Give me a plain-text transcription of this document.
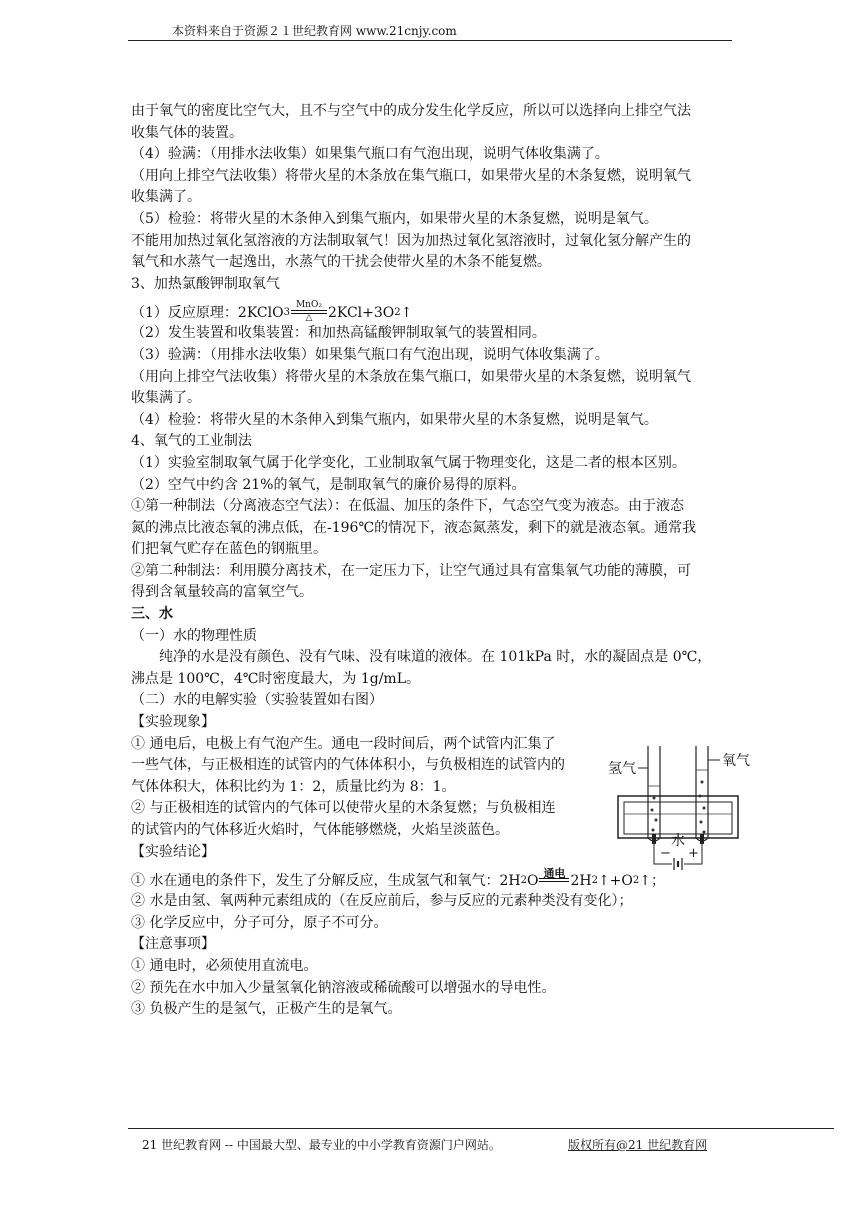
本资料来自于资源２１世纪教育网 www.21cnjy.com
由于氧气的密度比空气大，且不与空气中的成分发生化学反应，所以可以选择向上排空气法
收集气体的装置。
（4）验满：（用排水法收集）如果集气瓶口有气泡出现，说明气体收集满了。
（用向上排空气法收集）将带火星的木条放在集气瓶口，如果带火星的木条复燃，说明氧气
收集满了。
（5）检验：将带火星的木条伸入到集气瓶内，如果带火星的木条复燃，说明是氧气。
不能用加热过氧化氢溶液的方法制取氧气！因为加热过氧化氢溶液时，过氧化氢分解产生的
氧气和水蒸气一起逸出，水蒸气的干扰会使带火星的木条不能复燃。
3、加热氯酸钾制取氧气
（1）反应原理：2KClO 3
MnO₂
△ 2KCl+3O 2 ↑
（2）发生装置和收集装置：和加热高锰酸钾制取氧气的装置相同。
（3）验满：（用排水法收集）如果集气瓶口有气泡出现，说明气体收集满了。
（用向上排空气法收集）将带火星的木条放在集气瓶口，如果带火星的木条复燃，说明氧气
收集满了。
（4）检验：将带火星的木条伸入到集气瓶内，如果带火星的木条复燃，说明是氧气。
4、氧气的工业制法
（1）实验室制取氧气属于化学变化，工业制取氧气属于物理变化，这是二者的根本区别。
（2）空气中约含 21%的氧气，是制取氧气的廉价易得的原料。
①第一种制法（分离液态空气法）：在低温、加压的条件下，气态空气变为液态。由于液态
氮的沸点比液态氧的沸点低，在-196℃的情况下，液态氮蒸发，剩下的就是液态氧。通常我
们把氧气贮存在蓝色的钢瓶里。
②第二种制法：利用膜分离技术，在一定压力下，让空气通过具有富集氧气功能的薄膜，可
得到含氧量较高的富氧空气。
三、水
（一）水的物理性质
纯净的水是没有颜色、没有气味、没有味道的液体。在 101kPa 时，水的凝固点是 0℃，
沸点是 100℃，4℃时密度最大，为 1g/mL。
（二）水的电解实验（实验装置如右图）
【实验现象】
① 通电后，电极上有气泡产生。通电一段时间后，两个试管内汇集了
一些气体，与正极相连的试管内的气体体积小，与负极相连的试管内的
气体体积大，体积比约为 1：2，质量比约为 8：1。
② 与正极相连的试管内的气体可以使带火星的木条复燃；与负极相连
的试管内的气体移近火焰时，气体能够燃烧，火焰呈淡蓝色。
【实验结论】
① 水在通电的条件下，发生了分解反应，生成氢气和氧气：2H 2 O 通电
2H 2 ↑+O 2 ↑；
② 水是由氢、氧两种元素组成的（在反应前后，参与反应的元素种类没有变化）；
③ 化学反应中，分子可分，原子不可分。
【注意事项】
① 通电时，必须使用直流电。
② 预先在水中加入少量氢氧化钠溶液或稀硫酸可以增强水的导电性。
③ 负极产生的是氢气，正极产生的是氧气。
氢气	氧气
水
− +
21 世纪教育网 -- 中国最大型、最专业的中小学教育资源门户网站。	版权所有@21 世纪教育网
